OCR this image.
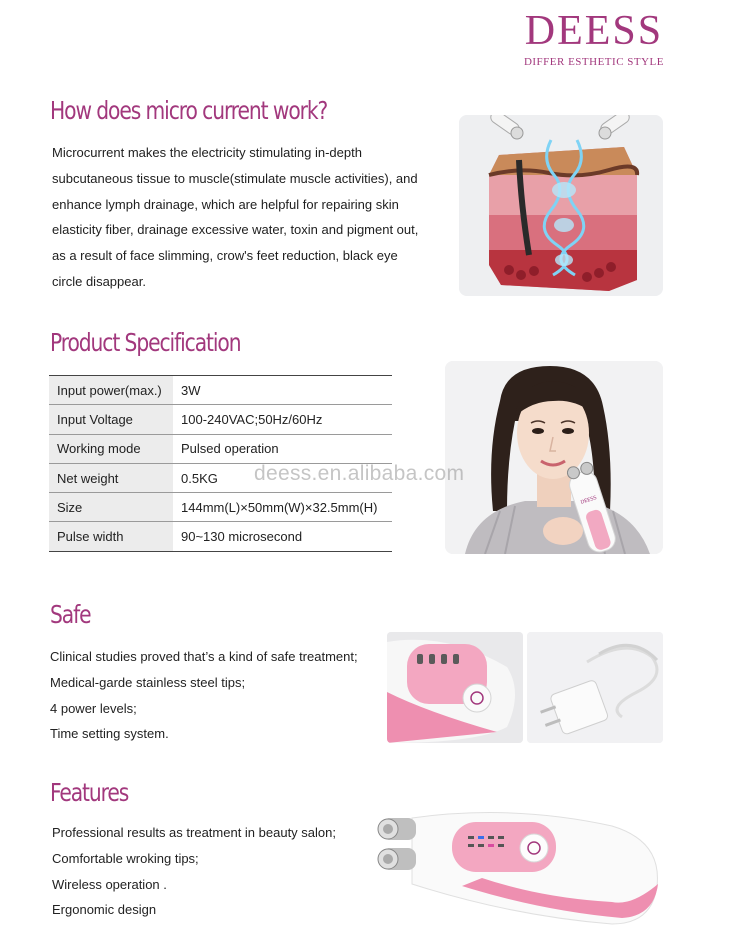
DEESS
DIFFER ESTHETIC STYLE
How does micro current work?

Microcurrent makes the electricity stimulating in-depth

subcutaneous tissue to muscle(stimulate muscle activities), and

enhance lymph drainage, which are helpful for repairing skin

elasticity fiber, drainage excessive water, toxin and pigment out,

as a result of face slimming, crow's feet reduction, black eye

circle disappear.

Product Specification
Input power(max.)	3W
Input Voltage	100-240VAC;50Hz/60Hz
Working mode	Pulsed operation
Net weight	0.5KG
Size	144mm(L)×50mm(W)×32.5mm(H)
Pulse width	90~130 microsecond
DEESS
deess.en.alibaba.com
Safe
Clinical studies proved that’s a kind of safe treatment;
Medical-garde stainless steel tips;
4 power levels;
Time setting system.
Features
Professional results as treatment in beauty salon;
Comfortable wroking tips;
Wireless operation .
Ergonomic design
